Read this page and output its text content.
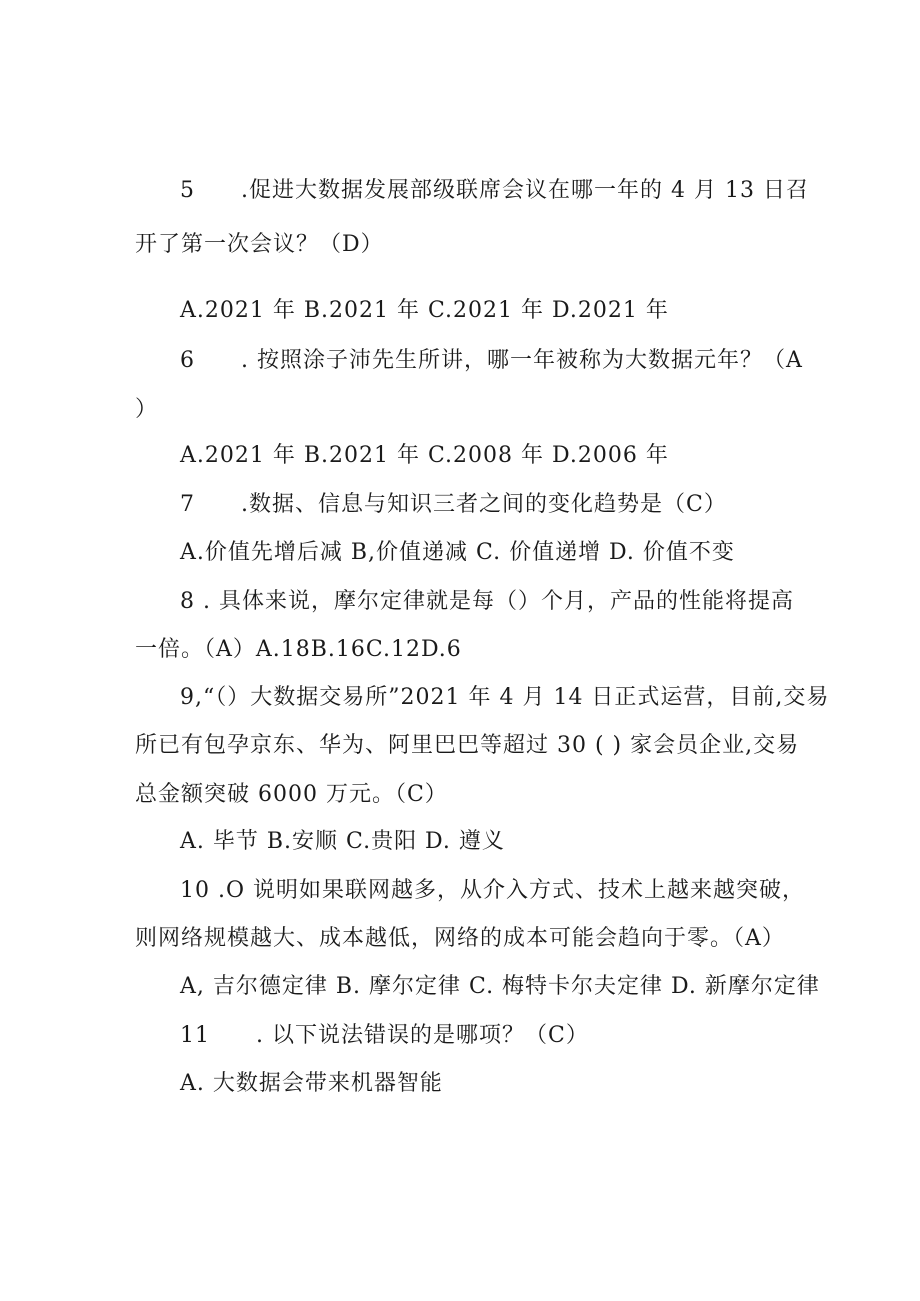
5　　.促进大数据发展部级联席会议在哪一年的 4 月 13 日召
开了第一次会议？（D）
A.2021 年 B.2021 年 C.2021 年 D.2021 年
6　　. 按照涂子沛先生所讲，哪一年被称为大数据元年？（A
）
A.2021 年 B.2021 年 C.2008 年 D.2006 年
7　　.数据、信息与知识三者之间的变化趋势是（C）
A.价值先增后减 B,价值递减 C. 价值递增 D. 价值不变
8 . 具体来说，摩尔定律就是每（）个月，产品的性能将提高
一倍。（A）A.18B.16C.12D.6
9,“（）大数据交易所”2021 年 4 月 14 日正式运营，目前,交易
所已有包孕京东、华为、阿里巴巴等超过 30 ( ) 家会员企业,交易
总金额突破 6000 万元。（C）
A. 毕节 B.安顺 C.贵阳 D. 遵义
10 .O 说明如果联网越多，从介入方式、技术上越来越突破，
则网络规模越大、成本越低，网络的成本可能会趋向于零。（A）
A, 吉尔德定律 B. 摩尔定律 C. 梅特卡尔夫定律 D. 新摩尔定律
11　　. 以下说法错误的是哪项？（C）
A. 大数据会带来机器智能
